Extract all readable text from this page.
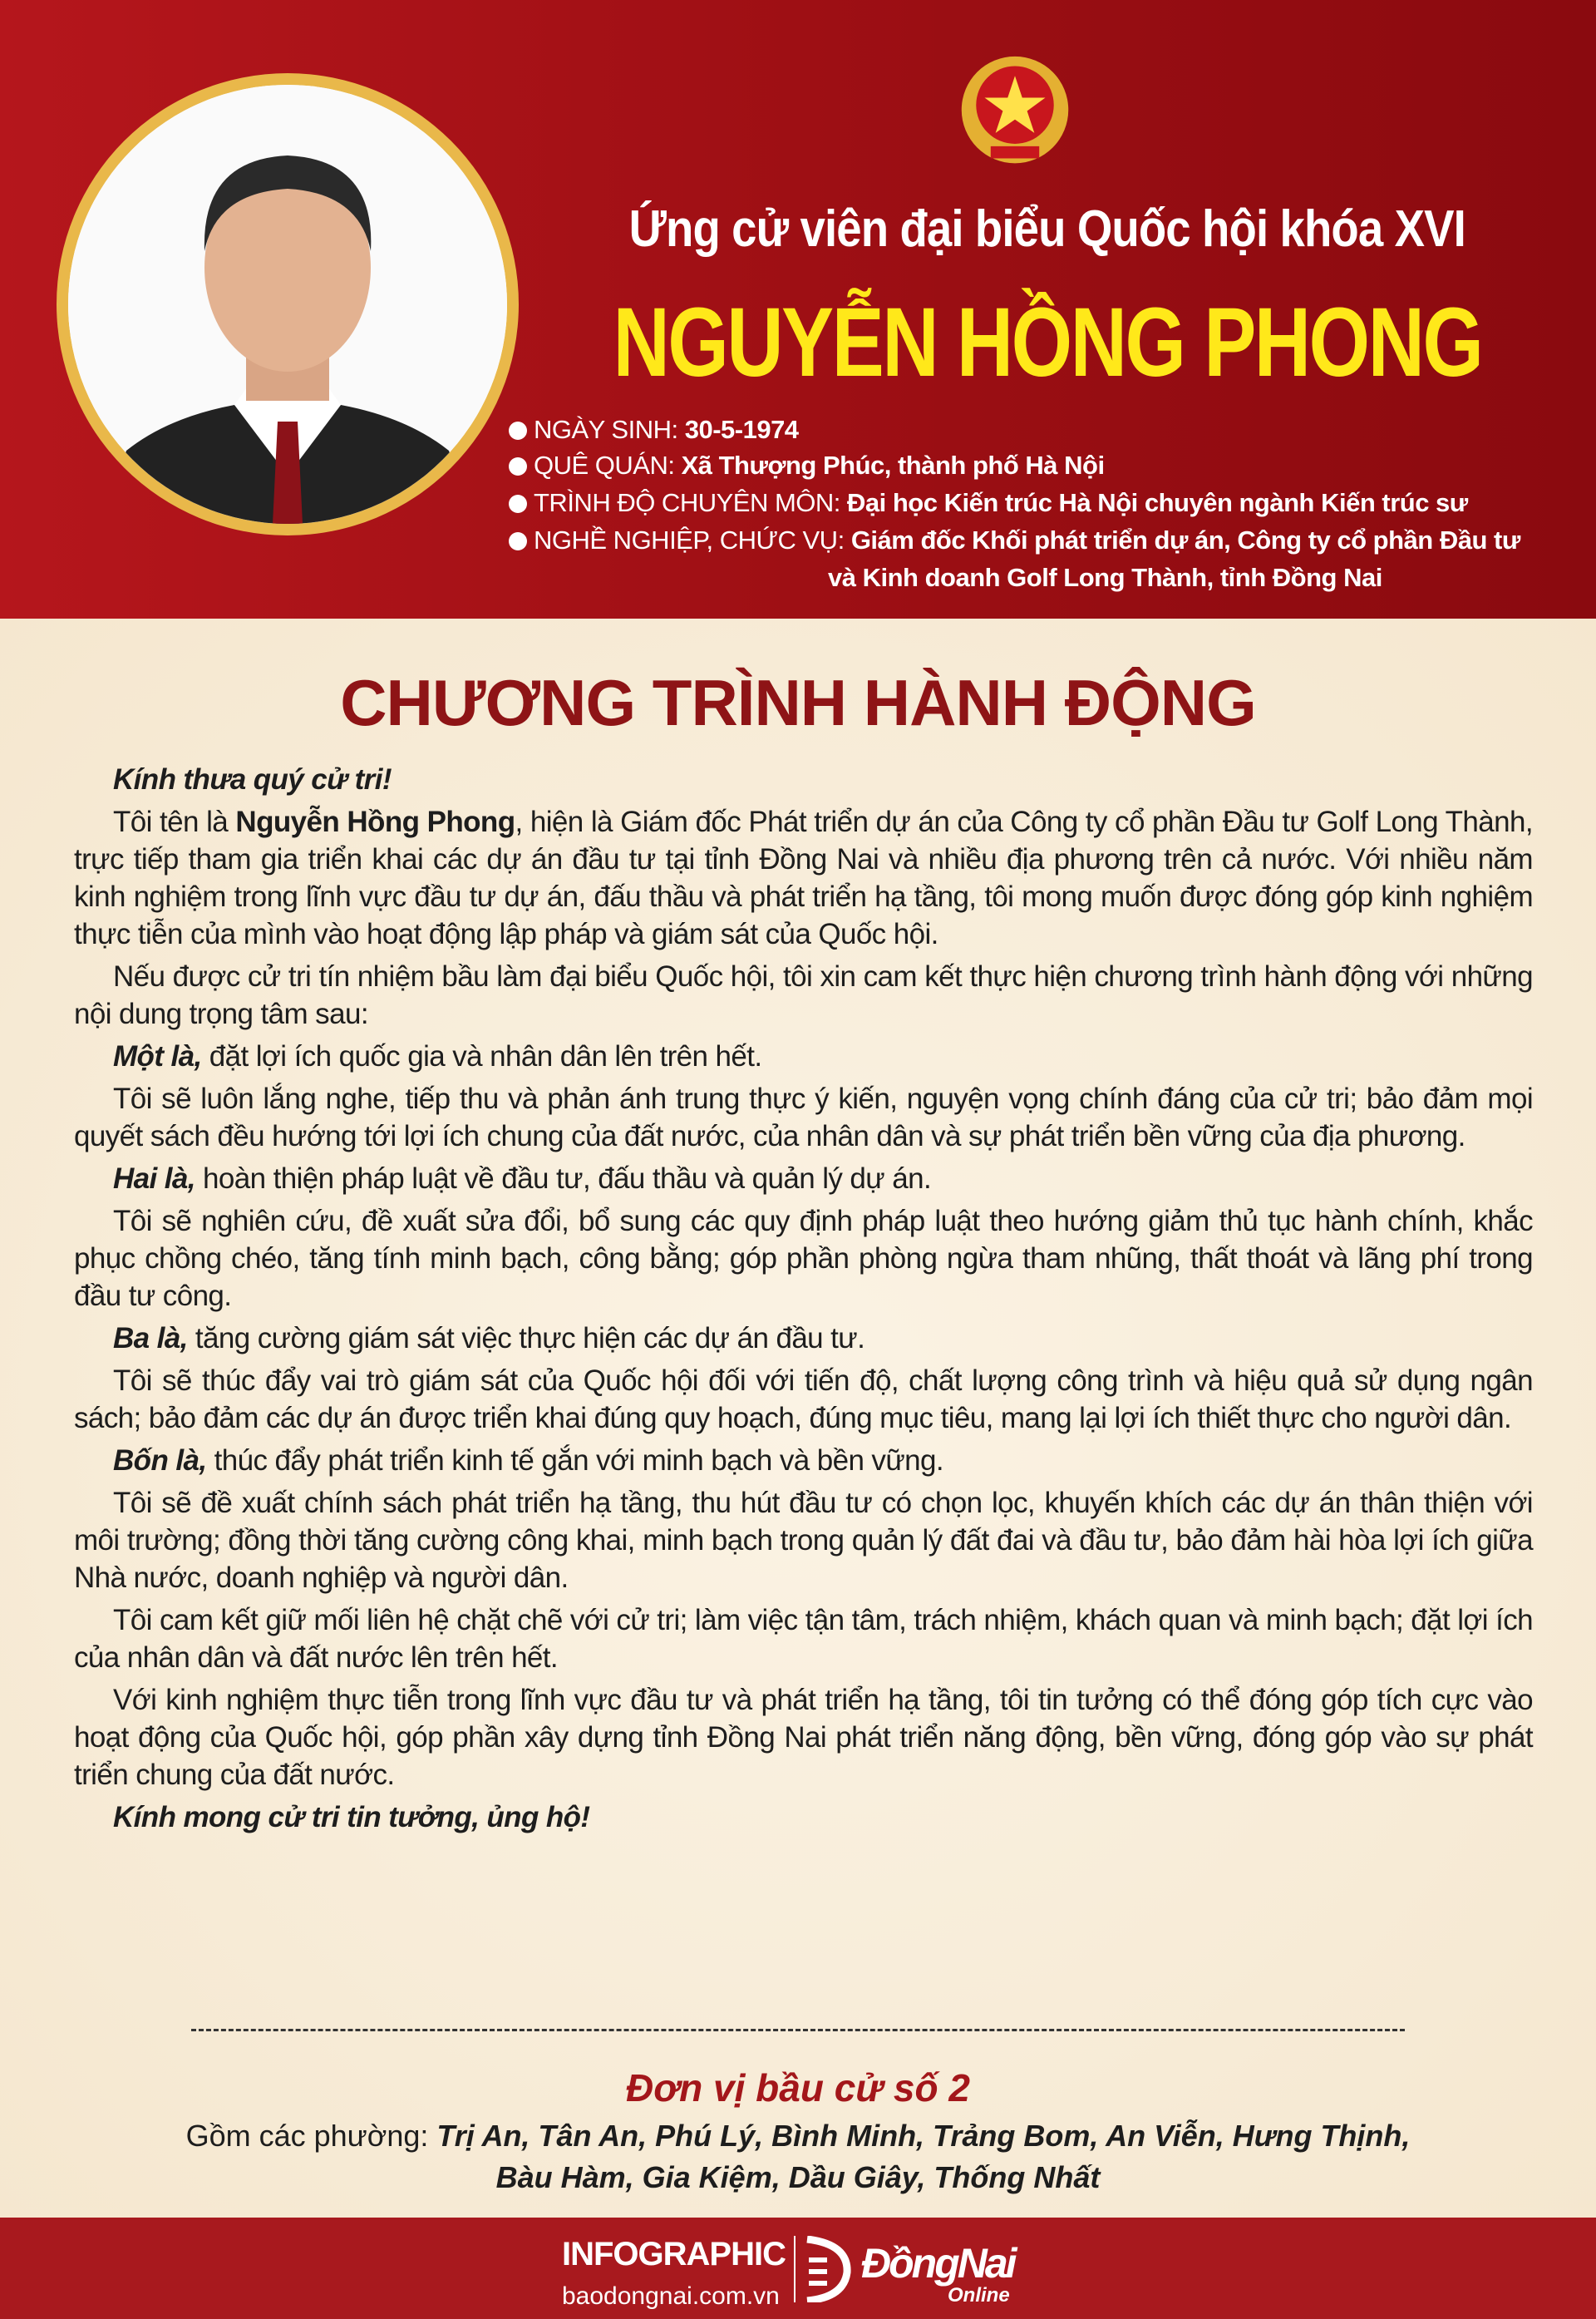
Ứng cử viên đại biểu Quốc hội khóa XVI
NGUYỄN HỒNG PHONG
NGÀY SINH: 30-5-1974
QUÊ QUÁN: Xã Thượng Phúc, thành phố Hà Nội
TRÌNH ĐỘ CHUYÊN MÔN: Đại học Kiến trúc Hà Nội chuyên ngành Kiến trúc sư
NGHỀ NGHIỆP, CHỨC VỤ: Giám đốc Khối phát triển dự án, Công ty cổ phần Đầu tư
và Kinh doanh Golf Long Thành, tỉnh Đồng Nai
CHƯƠNG TRÌNH HÀNH ĐỘNG

Kính thưa quý cử tri!

Tôi tên là Nguyễn Hồng Phong, hiện là Giám đốc Phát triển dự án của Công ty cổ phần Đầu tư Golf Long Thành, trực tiếp tham gia triển khai các dự án đầu tư tại tỉnh Đồng Nai và nhiều địa phương trên cả nước. Với nhiều năm kinh nghiệm trong lĩnh vực đầu tư dự án, đấu thầu và phát triển hạ tầng, tôi mong muốn được đóng góp kinh nghiệm thực tiễn của mình vào hoạt động lập pháp và giám sát của Quốc hội.

Nếu được cử tri tín nhiệm bầu làm đại biểu Quốc hội, tôi xin cam kết thực hiện chương trình hành động với những nội dung trọng tâm sau:

Một là, đặt lợi ích quốc gia và nhân dân lên trên hết.

Tôi sẽ luôn lắng nghe, tiếp thu và phản ánh trung thực ý kiến, nguyện vọng chính đáng của cử tri; bảo đảm mọi quyết sách đều hướng tới lợi ích chung của đất nước, của nhân dân và sự phát triển bền vững của địa phương.

Hai là, hoàn thiện pháp luật về đầu tư, đấu thầu và quản lý dự án.

Tôi sẽ nghiên cứu, đề xuất sửa đổi, bổ sung các quy định pháp luật theo hướng giảm thủ tục hành chính, khắc phục chồng chéo, tăng tính minh bạch, công bằng; góp phần phòng ngừa tham nhũng, thất thoát và lãng phí trong đầu tư công.

Ba là, tăng cường giám sát việc thực hiện các dự án đầu tư.

Tôi sẽ thúc đẩy vai trò giám sát của Quốc hội đối với tiến độ, chất lượng công trình và hiệu quả sử dụng ngân sách; bảo đảm các dự án được triển khai đúng quy hoạch, đúng mục tiêu, mang lại lợi ích thiết thực cho người dân.

Bốn là, thúc đẩy phát triển kinh tế gắn với minh bạch và bền vững.

Tôi sẽ đề xuất chính sách phát triển hạ tầng, thu hút đầu tư có chọn lọc, khuyến khích các dự án thân thiện với môi trường; đồng thời tăng cường công khai, minh bạch trong quản lý đất đai và đầu tư, bảo đảm hài hòa lợi ích giữa Nhà nước, doanh nghiệp và người dân.

Tôi cam kết giữ mối liên hệ chặt chẽ với cử tri; làm việc tận tâm, trách nhiệm, khách quan và minh bạch; đặt lợi ích của nhân dân và đất nước lên trên hết.

Với kinh nghiệm thực tiễn trong lĩnh vực đầu tư và phát triển hạ tầng, tôi tin tưởng có thể đóng góp tích cực vào hoạt động của Quốc hội, góp phần xây dựng tỉnh Đồng Nai phát triển năng động, bền vững, đóng góp vào sự phát triển chung của đất nước.

Kính mong cử tri tin tưởng, ủng hộ!

Đơn vị bầu cử số 2
Gồm các phường: Trị An, Tân An, Phú Lý, Bình Minh, Trảng Bom, An Viễn, Hưng Thịnh,
Bàu Hàm, Gia Kiệm, Dầu Giây, Thống Nhất
INFOGRAPHIC
baodongnai.com.vn
ĐồngNai
Online
